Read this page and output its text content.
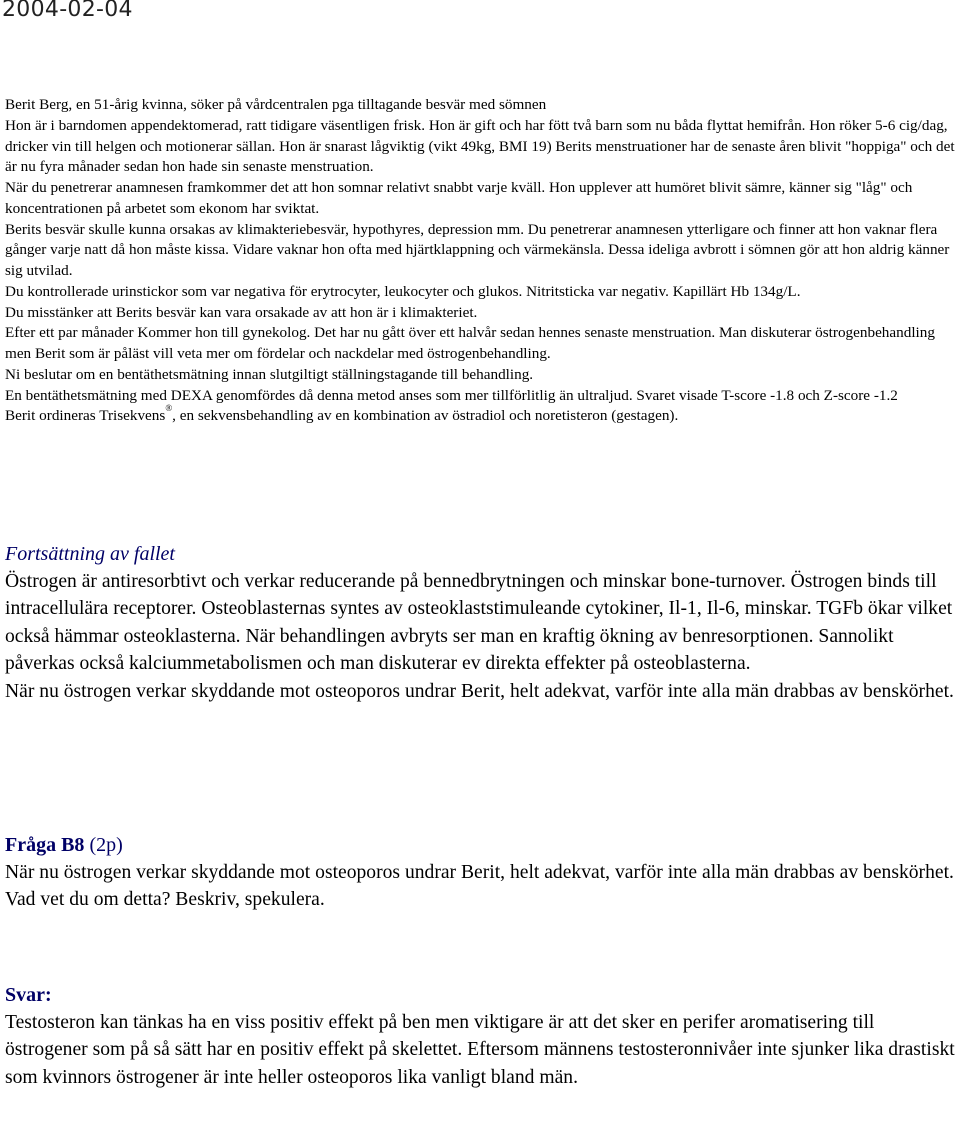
2004-02-04

Berit Berg, en 51-årig kvinna, söker på vårdcentralen pga tilltagande besvär med sömnen

Hon är i barndomen appendektomerad, ratt tidigare väsentligen frisk. Hon är gift och har fött två barn som nu båda flyttat hemifrån. Hon röker 5-6 cig/dag, dricker vin till helgen och motionerar sällan. Hon är snarast lågviktig (vikt 49kg, BMI 19) Berits menstruationer har de senaste åren blivit "hoppiga" och det är nu fyra månader sedan hon hade sin senaste menstruation.

När du penetrerar anamnesen framkommer det att hon somnar relativt snabbt varje kväll. Hon upplever att humöret blivit sämre, känner sig "låg" och koncentrationen på arbetet som ekonom har sviktat.

Berits besvär skulle kunna orsakas av klimakteriebesvär, hypothyres, depression mm. Du penetrerar anamnesen ytterligare och finner att hon vaknar flera gånger varje natt då hon måste kissa. Vidare vaknar hon ofta med hjärtklappning och värmekänsla. Dessa ideliga avbrott i sömnen gör att hon aldrig känner sig utvilad.

Du kontrollerade urinstickor som var negativa för erytrocyter, leukocyter och glukos. Nitritsticka var negativ. Kapillärt Hb 134g/L.

Du misstänker att Berits besvär kan vara orsakade av att hon är i klimakteriet.

Efter ett par månader Kommer hon till gynekolog. Det har nu gått över ett halvår sedan hennes senaste menstruation. Man diskuterar östrogenbehandling men Berit som är påläst vill veta mer om fördelar och nackdelar med östrogenbehandling.

Ni beslutar om en bentäthetsmätning innan slutgiltigt ställningstagande till behandling.

En bentäthetsmätning med DEXA genomfördes då denna metod anses som mer tillförlitlig än ultraljud. Svaret visade T-score -1.8 och Z-score -1.2

Berit ordineras Trisekvens®, en sekvensbehandling av en kombination av östradiol och noretisteron (gestagen).

Fortsättning av fallet

Östrogen är antiresorbtivt och verkar reducerande på bennedbrytningen och minskar bone-turnover. Östrogen binds till intracellulära receptorer. Osteoblasternas syntes av osteoklaststimuleande cytokiner, Il-1, Il-6, minskar. TGFb ökar vilket också hämmar osteoklasterna. När behandlingen avbryts ser man en kraftig ökning av benresorptionen. Sannolikt påverkas också kalciummetabolismen och man diskuterar ev direkta effekter på osteoblasterna.

När nu östrogen verkar skyddande mot osteoporos undrar Berit, helt adekvat, varför inte alla män drabbas av benskörhet.

Fråga B8 (2p)

När nu östrogen verkar skyddande mot osteoporos undrar Berit, helt adekvat, varför inte alla män drabbas av benskörhet.

Vad vet du om detta? Beskriv, spekulera.

Svar:

Testosteron kan tänkas ha en viss positiv effekt på ben men viktigare är att det sker en perifer aromatisering till östrogener som på så sätt har en positiv effekt på skelettet. Eftersom männens testosteronnivåer inte sjunker lika drastiskt som kvinnors östrogener är inte heller osteoporos lika vanligt bland män.
